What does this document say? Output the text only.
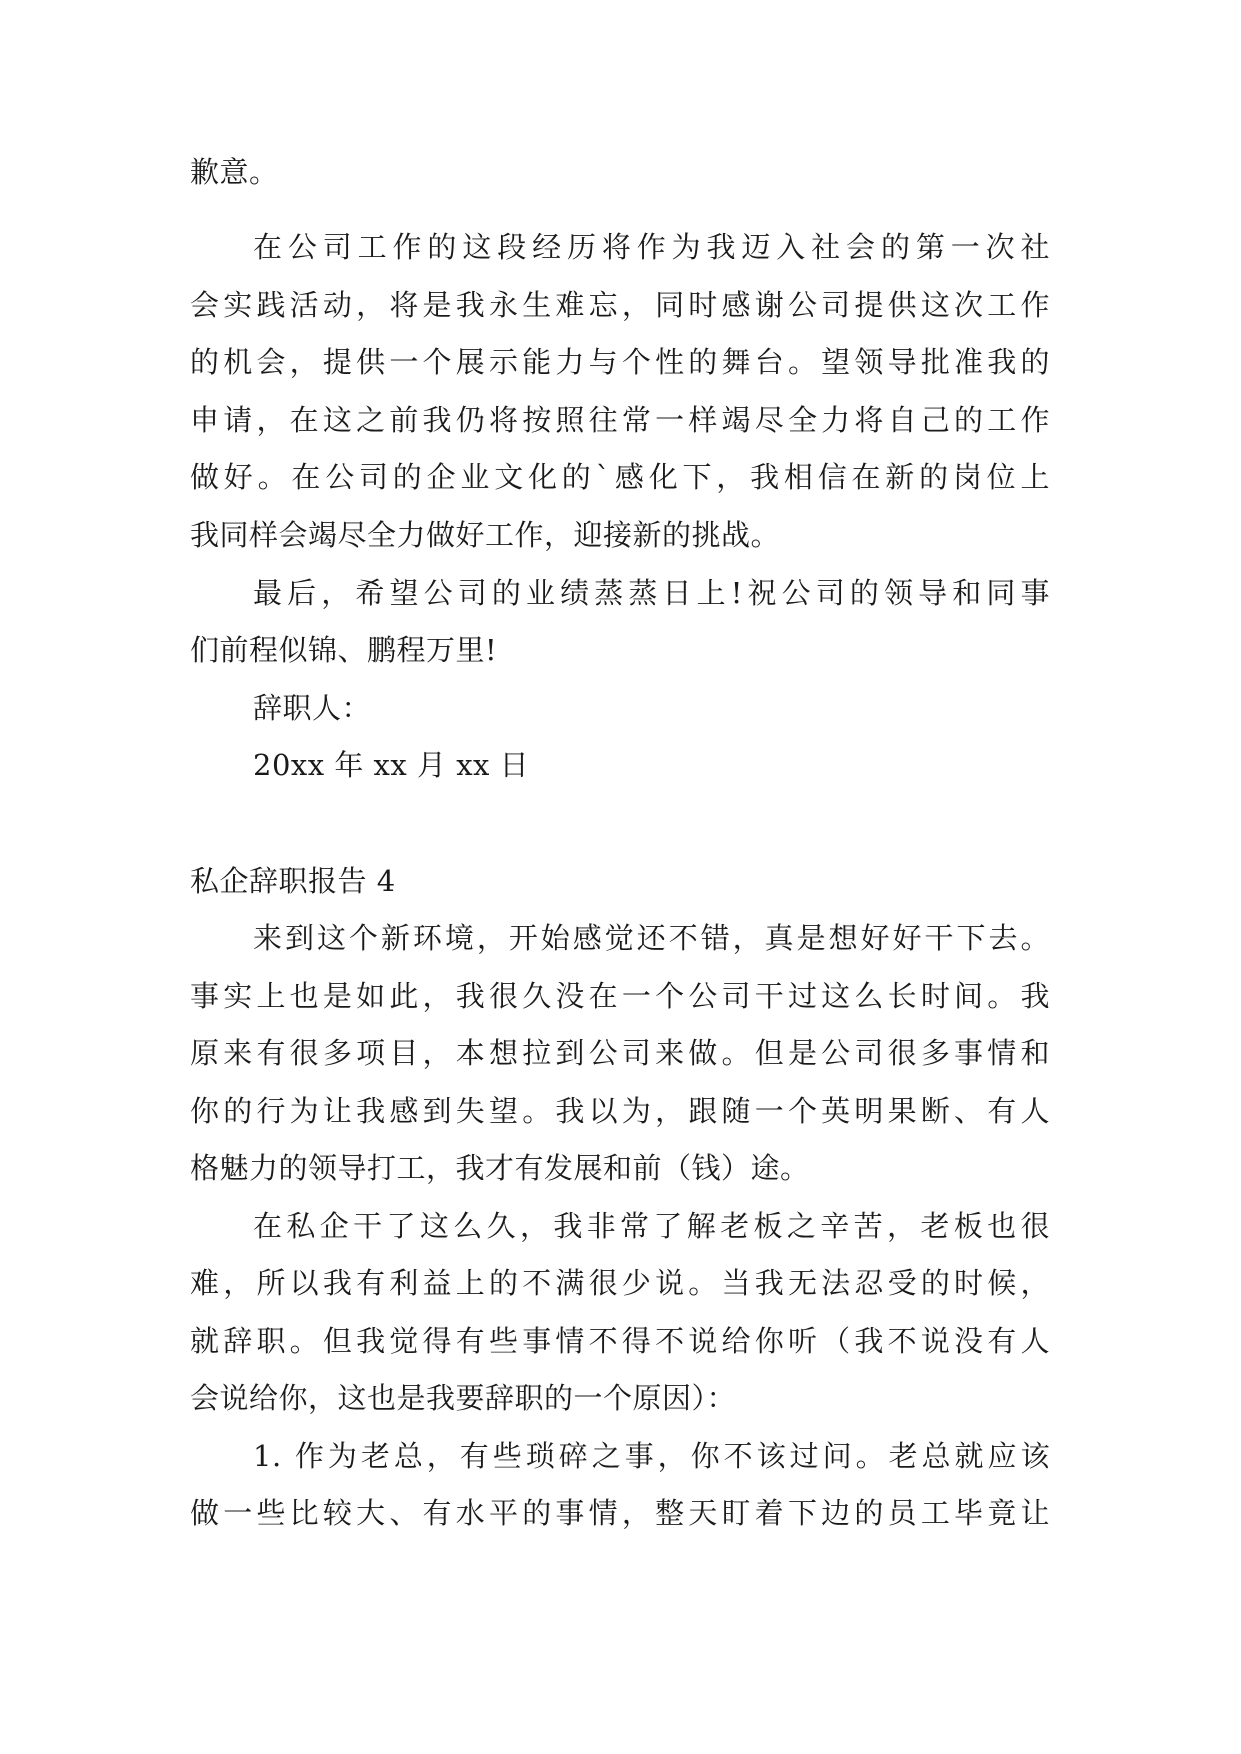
歉意。
在公司工作的这段经历将作为我迈入社会的第一次社
会实践活动，将是我永生难忘，同时感谢公司提供这次工作
的机会，提供一个展示能力与个性的舞台。望领导批准我的
申请，在这之前我仍将按照往常一样竭尽全力将自己的工作
做好。在公司的企业文化的`感化下，我相信在新的岗位上
我同样会竭尽全力做好工作，迎接新的挑战。
最后，希望公司的业绩蒸蒸日上!祝公司的领导和同事
们前程似锦、鹏程万里!
辞职人：
20xx 年 xx 月 xx 日
私企辞职报告 4
来到这个新环境，开始感觉还不错，真是想好好干下去。
事实上也是如此，我很久没在一个公司干过这么长时间。我
原来有很多项目，本想拉到公司来做。但是公司很多事情和
你的行为让我感到失望。我以为，跟随一个英明果断、有人
格魅力的领导打工，我才有发展和前（钱）途。
在私企干了这么久，我非常了解老板之辛苦，老板也很
难，所以我有利益上的不满很少说。当我无法忍受的时候，
就辞职。但我觉得有些事情不得不说给你听（我不说没有人
会说给你，这也是我要辞职的一个原因）：
1. 作为老总，有些琐碎之事，你不该过问。老总就应该
做一些比较大、有水平的事情，整天盯着下边的员工毕竟让
